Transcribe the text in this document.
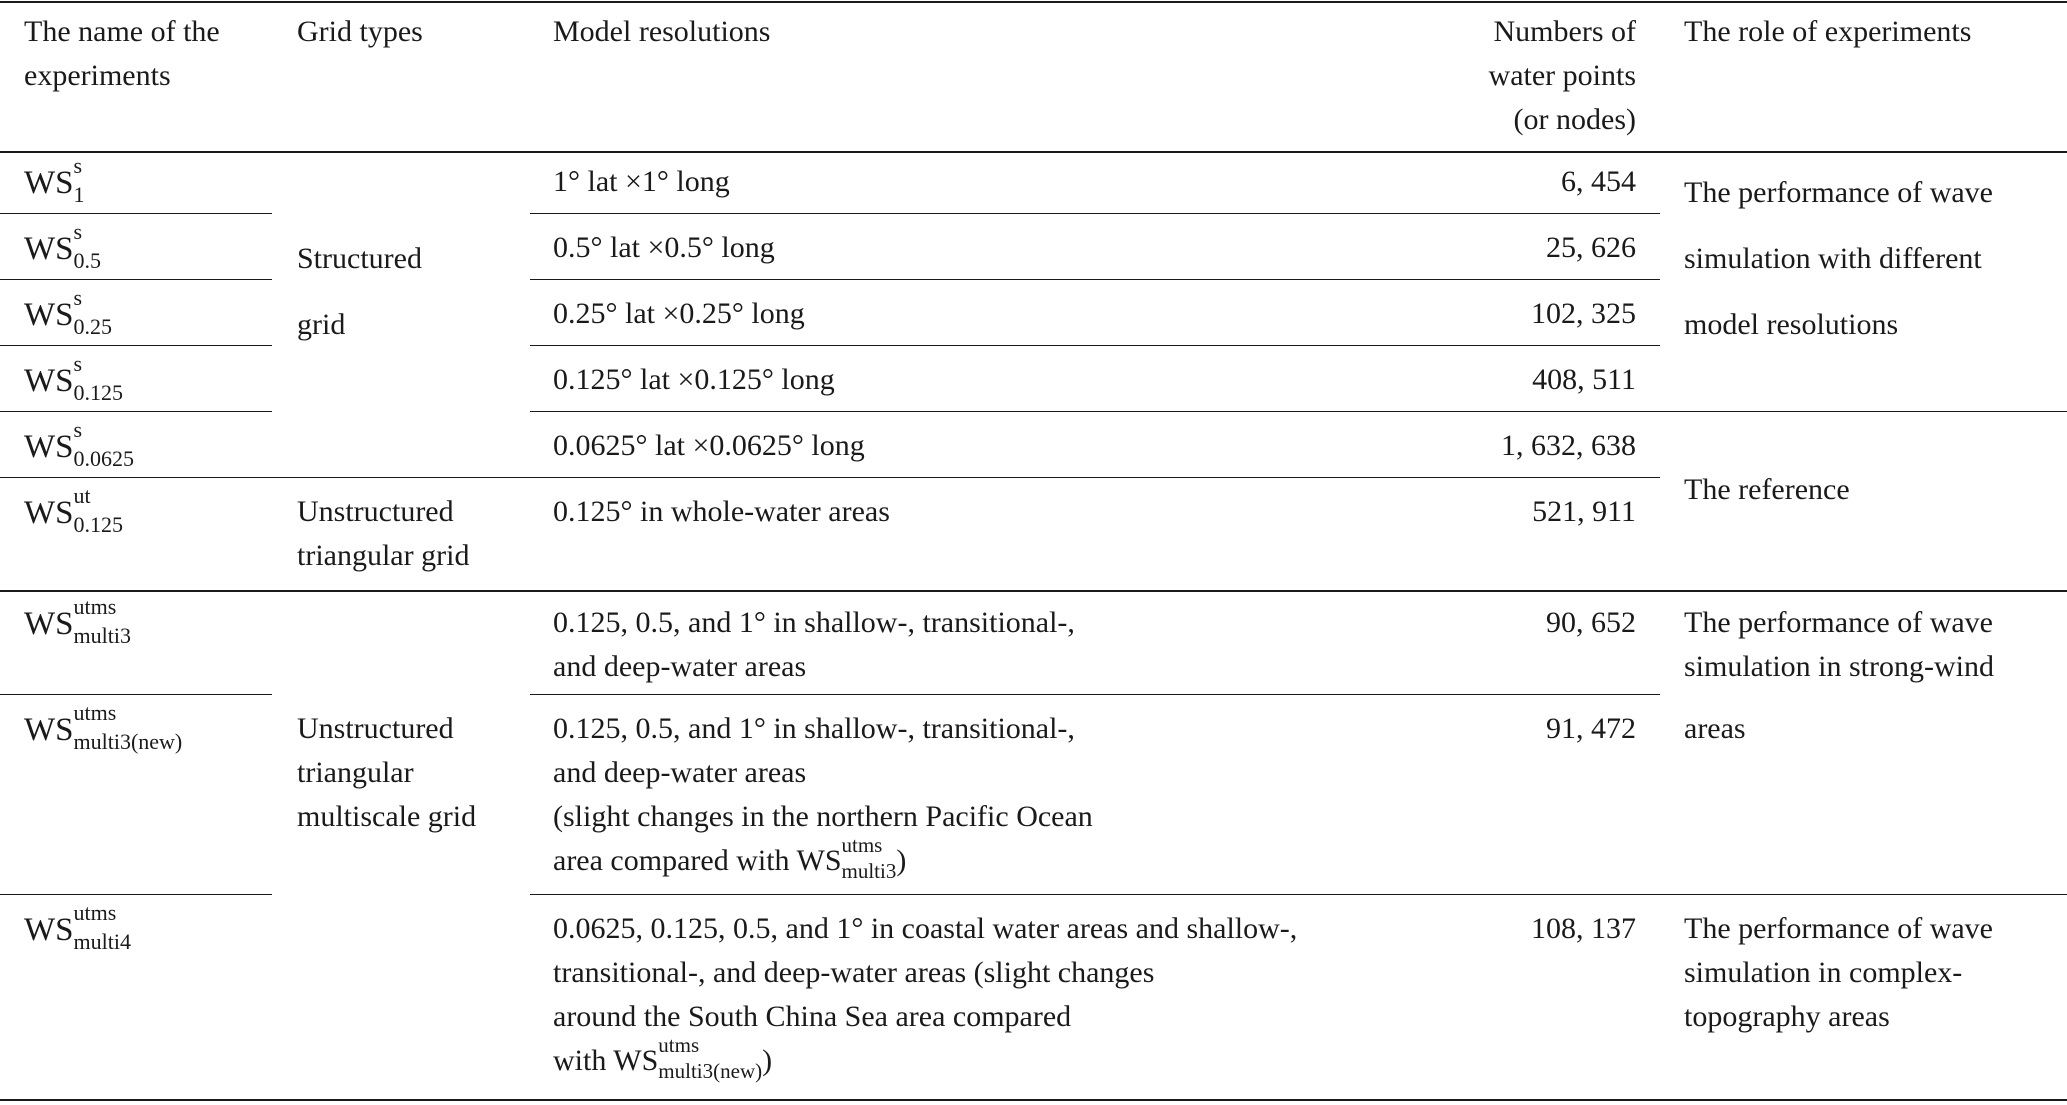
The name of the
experiments
Grid types	Model resolutions	Numbers of
water points
(or nodes)
The role of experiments
WS s
1
WS s
0.5
WS s
0.25
WS s
0.125
WS s
0.0625
WS ut
0.125
WS utms
multi3
WS utms
multi3(new)
WS utms
multi4
Structured
grid
Unstructured
triangular grid
Unstructured
triangular
multiscale grid
1° lat ×1° long
0.5° lat ×0.5° long
0.25° lat ×0.25° long
0.125° lat ×0.125° long
0.0625° lat ×0.0625° long
0.125° in whole-water areas
0.125, 0.5, and 1° in shallow-, transitional-,
and deep-water areas
0.125, 0.5, and 1° in shallow-, transitional-,
and deep-water areas
(slight changes in the northern Pacific Ocean
area compared with WS utms
multi3)
0.0625, 0.125, 0.5, and 1° in coastal water areas and shallow-,
transitional-, and deep-water areas (slight changes
around the South China Sea area compared
with WS utms
multi3(new))
6, 454
25, 626
102, 325
408, 511
1, 632, 638
521, 911
90, 652
91, 472
108, 137
The performance of wave
simulation with different
model resolutions
The reference
The performance of wave
simulation in strong-wind
areas
The performance of wave
simulation in complex-
topography areas
